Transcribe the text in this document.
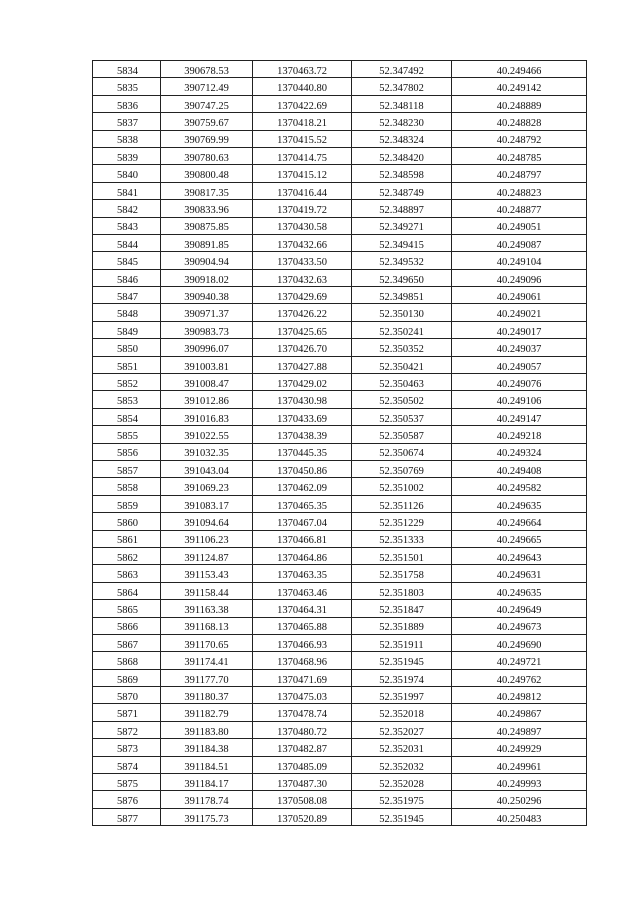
5834	390678.53	1370463.72	52.347492	40.249466
5835	390712.49	1370440.80	52.347802	40.249142
5836	390747.25	1370422.69	52.348118	40.248889
5837	390759.67	1370418.21	52.348230	40.248828
5838	390769.99	1370415.52	52.348324	40.248792
5839	390780.63	1370414.75	52.348420	40.248785
5840	390800.48	1370415.12	52.348598	40.248797
5841	390817.35	1370416.44	52.348749	40.248823
5842	390833.96	1370419.72	52.348897	40.248877
5843	390875.85	1370430.58	52.349271	40.249051
5844	390891.85	1370432.66	52.349415	40.249087
5845	390904.94	1370433.50	52.349532	40.249104
5846	390918.02	1370432.63	52.349650	40.249096
5847	390940.38	1370429.69	52.349851	40.249061
5848	390971.37	1370426.22	52.350130	40.249021
5849	390983.73	1370425.65	52.350241	40.249017
5850	390996.07	1370426.70	52.350352	40.249037
5851	391003.81	1370427.88	52.350421	40.249057
5852	391008.47	1370429.02	52.350463	40.249076
5853	391012.86	1370430.98	52.350502	40.249106
5854	391016.83	1370433.69	52.350537	40.249147
5855	391022.55	1370438.39	52.350587	40.249218
5856	391032.35	1370445.35	52.350674	40.249324
5857	391043.04	1370450.86	52.350769	40.249408
5858	391069.23	1370462.09	52.351002	40.249582
5859	391083.17	1370465.35	52.351126	40.249635
5860	391094.64	1370467.04	52.351229	40.249664
5861	391106.23	1370466.81	52.351333	40.249665
5862	391124.87	1370464.86	52.351501	40.249643
5863	391153.43	1370463.35	52.351758	40.249631
5864	391158.44	1370463.46	52.351803	40.249635
5865	391163.38	1370464.31	52.351847	40.249649
5866	391168.13	1370465.88	52.351889	40.249673
5867	391170.65	1370466.93	52.351911	40.249690
5868	391174.41	1370468.96	52.351945	40.249721
5869	391177.70	1370471.69	52.351974	40.249762
5870	391180.37	1370475.03	52.351997	40.249812
5871	391182.79	1370478.74	52.352018	40.249867
5872	391183.80	1370480.72	52.352027	40.249897
5873	391184.38	1370482.87	52.352031	40.249929
5874	391184.51	1370485.09	52.352032	40.249961
5875	391184.17	1370487.30	52.352028	40.249993
5876	391178.74	1370508.08	52.351975	40.250296
5877	391175.73	1370520.89	52.351945	40.250483
